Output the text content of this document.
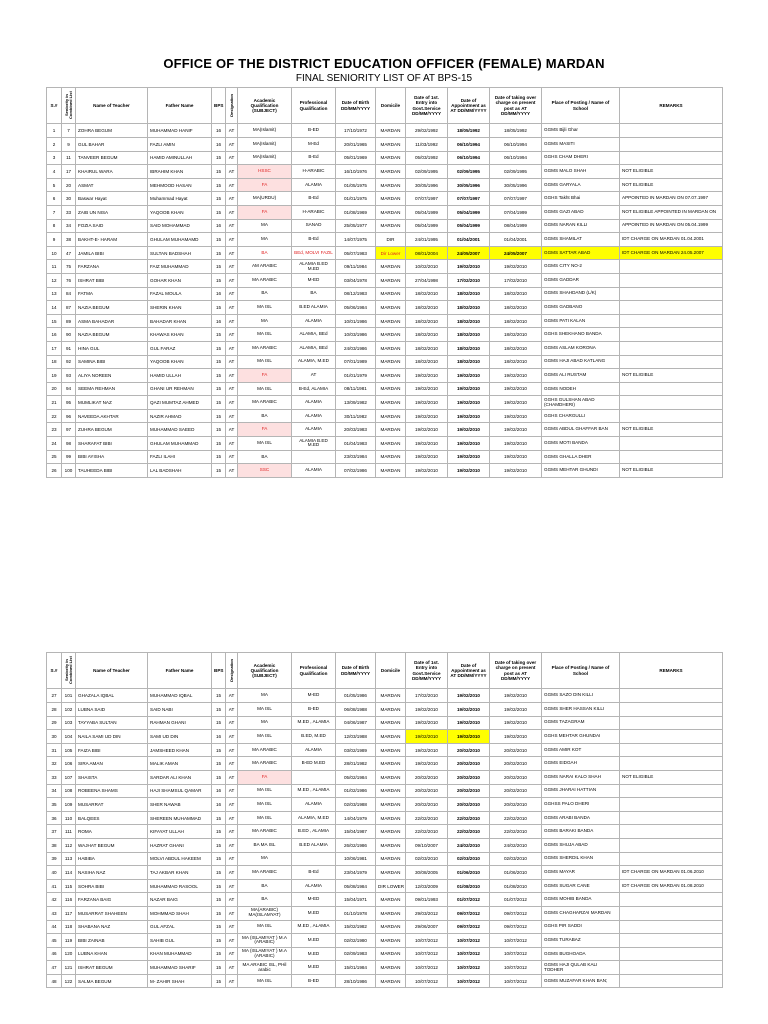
OFFICE OF THE DISTRICT EDUCATION OFFICER (FEMALE) MARDAN
FINAL SENIORITY LIST OF AT BPS-15
S.#	Seniority in Combined List	Name of Teacher	Father Name	BPS	Designation	Academic Qualification (SUBJECT)	Professional Qualification	Date of Birth DD/MM/YYYY	Domicile	Date of 1st. Entry into Govt.Service DD/MM/YYYY	Date of Appointment as AT DD/MM/YYYY	Date of taking over charge on present post as AT DD/MM/YYYY	Place of Posting / Name of School	REMARKS
1	7	ZOHRA BEGUM	MUHAMMAD HANIF	16	AT	MA(Islamit)	B-ED	17/10/1972	MARDAN	29/02/1992	18/05/1992	18/05/1992	GGMS Bijli Ghar	
2	9	GUL BAHAR	FAZLI AMIN	16	AT	MA(Islamit)	M-Ed	20/01/1965	MARDAN	11/03/1992	06/10/1994	06/10/1994	GGMS MASITI	
3	11	TANVEER BEGUM	HAMID AMINULLAH	15	AT	MA(Islamit)	B-Ed	05/01/1969	MARDAN	05/03/1992	06/10/1994	06/10/1994	GGHS CHAM DHERI	
4	17	KHAIRUL WARA	IBRAHIM KHAN	15	AT	HSSC	H-ARABIC	16/10/1976	MARDAN	02/09/1995	02/09/1995	02/09/1995	GGMS MALO SHAH	NOT ELIGIBLE
5	20	ASMAT	MEHMOOD HASAN	15	AT	FA	ALAMIA	01/05/1975	MARDAN	30/05/1996	30/05/1996	30/05/1996	GGMS GARYALA	NOT ELIGIBLE
6	30	Baswar Hayat	Muhammad Hayat	15	AT	MA(URDU)	B-Ed	01/01/1975	MARDAN	07/07/1997	07/07/1997	07/07/1997	GGHS Takht Bhai	APPOINTED IN MARDAN ON 07.07.1997
7	33	ZAIB UN NISA	YAQOOB KHAN	15	AT	FA	H-ARABIC	01/08/1969	MARDAN	05/04/1999	05/04/1999	07/04/1999	GGMS GAZI ABAD	NOT ELIGIBLE APPOINTED IN MARDAN ON
8	34	FOZIA SAID	SAID MOHAMMAD	16	AT	MA	SANAD	25/05/1977	MARDAN	05/04/1999	05/04/1999	08/04/1999	GGMS NARAN KILLI	APPOINTED IN MARDAN ON 05.04.1999
9	38	BAKHT-E- HARAM	GHULAM MUHAMAMD	15	AT	MA	B-Ed	14/07/1975	DIR	24/01/1995	01/04/2001	01/04/2001	GGMS SHAMILAT	IDT CHARGE ON MARDAN 01.04.2001
10	47	JAMILA BIBI	SULTAN BADSHAH	15	AT	BA	BEd, MOLVI FAZIL	05/07/1983	Dir Lower	08/01/2004	24/05/2007	24/05/2007	GGMS SATTAR ABAD	IDT CHARGE ON MARDAN 24.05.2007
11	75	FARZANA	FAIZ MUHAMMAD	15	AT	AM ARABIC	ALAMIA B.ED M.ED	09/11/1984	MARDAN	10/02/2010	19/02/2010	19/02/2010	GGMS CITY NO-2	
12	76	ISHRAT BIBI	GOHAR KHAN	15	AT	MA ARABIC	M-ED	03/04/1978	MARDAN	27/04/1998	17/02/2010	17/02/2010	GGMS GADDAR	
13	84	FATMA	FAZAL MOULA	16	AT	BA	BA	08/12/1983	MARDAN	18/02/2010	18/02/2010	18/02/2010	GGMS SHAHDAND (L/K)	
14	87	NAZIA BEGUM	SHERIN KHAN	15	AT	MA ISL	B.ED ALAMIA	05/06/1984	MARDAN	18/02/2010	18/02/2010	18/02/2010	GGMS GADBANO	
15	89	ASMA BAHADAR	BAHADAR KHAN	16	AT	MA	ALAMIA	10/01/1986	MARDAN	18/02/2010	18/02/2010	18/02/2010	GGMS PATI KALAN	
16	90	NAZIA BEGUM	KHAWAS KHAN	15	AT	MA ISL	ALAMIA, BEd	10/03/1986	MARDAN	18/02/2010	18/02/2010	18/02/2010	GGHS SHEKHANO BANDA	
17	91	HINA GUL	GUL FARAZ	15	AT	MA ARABIC	ALAMIA, BEd	24/03/1986	MARDAN	18/02/2010	18/02/2010	18/02/2010	GGMS ASLAM KORONA	
18	92	SAMINA BIBI	YAQOOB KHAN	15	AT	MA ISL	ALAMIA, M.ED	07/01/1989	MARDAN	18/02/2010	18/02/2010	18/02/2010	GGMS HAJI ABAD KATLANG	
19	93	ALIYA NOREEN	HAMID ULLAH	15	AT	FA	AT	01/01/1979	MARDAN	19/02/2010	19/02/2010	19/02/2010	GGMS ALI RUSTAM	NOT ELIGIBLE
20	94	SEEMA REHMAN	GHANI UR REHMAN	15	AT	MA ISL	B-Ed, ALAMIA	08/11/1981	MARDAN	19/02/2010	19/02/2010	19/02/2010	GGMS NODEH	
21	95	MUMLIKAT NAZ	QAZI MUMTAZ AHMED	15	AT	MA ARABIC	ALAMIA	13/09/1982	MARDAN	19/02/2010	19/02/2010	19/02/2010	GGHS GULSHAN ABAD (CHAMDHERI)	
22	96	NAVEEDA AKHTAR	NAZIR AHMAD	15	AT	BA	ALAMIA	30/11/1982	MARDAN	19/02/2010	19/02/2010	19/02/2010	GGHS CHARGULLI	
23	97	ZUHRA BEGUM	MUHAMMAD SAEED	15	AT	FA	ALAMIA	20/03/1983	MARDAN	19/02/2010	19/02/2010	19/02/2010	GGMS ABDUL GHAFFAR BAN	NOT ELIGIBLE
24	98	SHARAFAT BIBI	GHULAM MUHAMMAD	15	AT	MA ISL	ALAMIA B.ED M.ED	01/04/1983	MARDAN	19/02/2010	19/02/2010	19/02/2010	GGMS MOTI BANDA	
25	99	BIBI AYISHA	FAZLI ILAHI	15	AT	BA		23/03/1984	MARDAN	19/02/2010	19/02/2010	19/02/2010	GGMS GHALLA DHER	
26	100	TAUHEEDA BIBI	LAL BADSHAH	15	AT	SSC	ALAMIA	07/02/1986	MARDAN	19/02/2010	19/02/2010	19/02/2010	GGMS MEHTAR GHUNDI	NOT ELIGIBLE
S.#	Seniority in Combined List	Name of Teacher	Father Name	BPS	Designation	Academic Qualification (SUBJECT)	Professional Qualification	Date of Birth DD/MM/YYYY	Domicile	Date of 1st. Entry into Govt.Service DD/MM/YYYY	Date of Appointment as AT DD/MM/YYYY	Date of taking over charge on present post as AT DD/MM/YYYY	Place of Posting / Name of School	REMARKS
27	101	GHAZALA IQBAL	MUHAMMAD IQBAL	15	AT	MA	M-ED	01/05/1986	MARDAN	17/02/2010	19/02/2010	19/02/2010	GGMS SAZO DIN KILLI	
28	102	LUBNA SAID	SAID NABI	15	AT	MA ISL	B-ED	06/08/1988	MARDAN	19/02/2010	19/02/2010	19/02/2010	GGMS SHER HASSAN KILLI	
29	103	TAYYABA SULTAN	RAHMAN GHANI	15	AT	MA	M.ED , ALAMIA	04/06/1987	MARDAN	19/02/2010	19/02/2010	19/02/2010	GGMS TAZAGRAM	
30	104	NAILA SAMI UD DIN	SAMI UD DIN	16	AT	MA ISL	B.ED, M.ED	12/03/1988	MARDAN	19/02/2010	19/02/2010	19/02/2010	GGHS MEHTAR GHUNDAI	
31	105	FAIZA BIBI	JAMSHEED KHAN	15	AT	MA ARABIC	ALAMIA	03/02/1989	MARDAN	19/02/2010	20/02/2010	20/02/2010	GGMS AMIR KOT	
32	106	SIRA AMAN	MALIK AMAN	15	AT	MA ARABIC	B-ED M.ED	28/01/1982	MARDAN	19/02/2010	20/02/2010	20/02/2010	GGMS EIDGAH	
33	107	SHAISTA	SARDAR ALI KHAN	15	AT	FA		05/02/1984	MARDAN	20/02/2010	20/02/2010	20/02/2010	GGMS NARAI KALO SHAH	NOT ELIGIBLE
34	108	ROBEENA SHAMS	HAJI SHAMSUL QAMAR	16	AT	MA ISL	M.ED , ALAMIA	01/02/1986	MARDAN	20/02/2010	20/02/2010	20/02/2010	GGMS JHARAI HATTIAN	
35	109	MUSARRAT	SHER NAWAB	16	AT	MA ISL	ALAMIA	02/03/1988	MARDAN	20/02/2010	20/02/2010	20/02/2010	GGHSS PALO DHERI	
36	110	BALQEES	SHEREEN MUHAMMAD	15	AT	MA ISL	ALAMIA, M.ED	14/04/1979	MARDAN	22/02/2010	22/02/2010	22/02/2010	GGMS ARABI BANDA	
37	111	ROMA	KIFAYAT ULLAH	15	AT	MA ARABIC	B.ED , ALAMIA	15/04/1987	MARDAN	22/02/2010	22/02/2010	22/02/2010	GGMS BARAKI BANDA	
38	112	WAJHAT BEGUM	HAZRAT GHANI	15	AT	BA MA ISL	B.ED ALAMIA	26/02/1986	MARDAN	09/10/2007	24/02/2010	24/02/2010	GGMS SHUJA ABAD	
39	113	HABIBA	MOLVI ABDUL HAKEEM	15	AT	MA		10/06/1981	MARDAN	02/03/2010	02/03/2010	02/03/2010	GGMS SHERDIL KHAN	
40	114	NASIHA NAZ	TAJ AKBAR KHAN	15	AT	MA ARABIC	B-Ed	23/04/1979	MARDAN	30/08/2005	01/06/2010	01/06/2010	GGMS MAYAR	IDT CHARGE ON MARDAN 01.06.2010
41	115	SOHRA BIBI	MUHAMMAD RASOOL	15	AT	BA	ALAMIA	05/08/1984	DIR LOWER	12/03/2009	01/08/2010	01/08/2010	GGMS SUGAR CANE	IDT CHARGE ON MARDAN 01.08.2010
42	116	FARZANA BAIG	NAZAR BAIG	15	AT	BA	M-ED	15/04/1971	MARDAN	09/01/1993	01/07/2012	01/07/2012	GGMS MOHIB BANDA	
43	117	MUSARRAT SHAHEEN	MOHMMAD SHAH	15	AT	MA(ARABIC) MA(ISLAMYAT)	M.ED	01/10/1978	MARDAN	29/03/2012	09/07/2012	09/07/2012	GGMS CHAGHARZAI MARDAN	
44	118	SHABANA NAZ	GUL AFZAL	15	AT	MA ISL	M.ED , ALAMIA	15/02/1982	MARDAN	29/06/2007	09/07/2012	09/07/2012	GGHS PIR SADDI	
45	119	BIBI ZAINAB	SAHIB GUL	15	AT	MA (ISLAMIYAT ) M.A (ARABIC)	M.ED	02/02/1980	MARDAN	10/07/2012	10/07/2012	10/07/2012	GGMS TURABAZ	
46	120	LUBNA KHAN	KHAN MUHAMMAD	15	AT	MA (ISLAMIYAT ) M.A (ARABIC)	M.ED	02/09/1983	MARDAN	10/07/2012	10/07/2012	10/07/2012	GGMS BUGHOADA	
47	121	ISHRAT BEGUM	MUHAMMAD SHARIF	15	AT	MA ARABIC ISL, PHil arabic	M.ED	15/01/1984	MARDAN	10/07/2012	10/07/2012	10/07/2012	GGMS HAJI QULAB KALI TODHER	
48	122	SALMA BEGUM	M- ZAHIR SHAH	15	AT	MA ISL	B-ED	28/10/1986	MARDAN	10/07/2012	10/07/2012	10/07/2012	GGMS MUZAFAR KHAN BAN;	
